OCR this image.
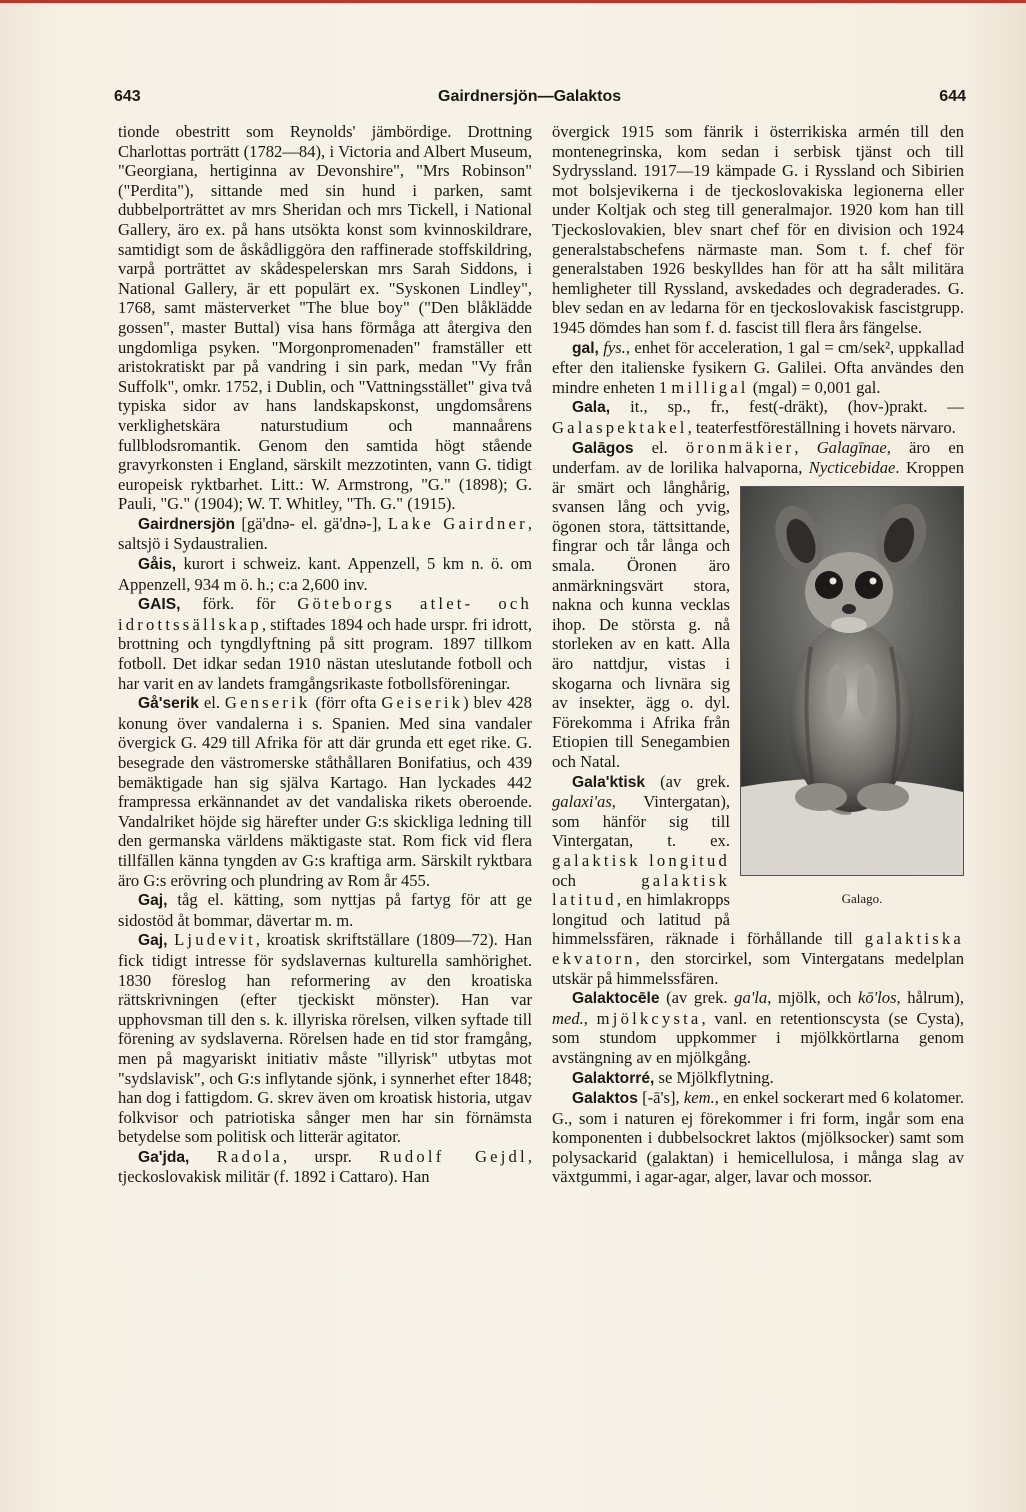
643	Gairdnersjön—Galaktos	644

tionde obestritt som Reynolds' jämbördige. Drottning Charlottas porträtt (1782—84), i Victoria and Albert Museum, "Georgiana, hertiginna av Devonshire", "Mrs Robinson" ("Perdita"), sittande med sin hund i parken, samt dubbelporträttet av mrs Sheridan och mrs Tickell, i National Gallery, äro ex. på hans utsökta konst som kvinnoskildrare, samtidigt som de åskådliggöra den raffinerade stoffskildring, varpå porträttet av skådespelerskan mrs Sarah Siddons, i National Gallery, är ett populärt ex. "Syskonen Lindley", 1768, samt mästerverket "The blue boy" ("Den blåklädde gossen", master Buttal) visa hans förmåga att återgiva den ungdomliga psyken. "Morgonpromenaden" framställer ett aristokratiskt par på vandring i sin park, medan "Vy från Suffolk", omkr. 1752, i Dublin, och "Vattningsstället" giva två typiska sidor av hans landskapskonst, ungdomsårens verklighetskära naturstudium och mannaårens fullblodsromantik. Genom den samtida högt stående gravyrkonsten i England, särskilt mezzotinten, vann G. tidigt europeisk ryktbarhet. Litt.: W. Armstrong, "G." (1898); G. Pauli, "G." (1904); W. T. Whitley, "Th. G." (1915).

Gairdnersjön [gä'dnə- el. gä'dnə-], Lake Gairdner, saltsjö i Sydaustralien.

Gåis, kurort i schweiz. kant. Appenzell, 5 km n. ö. om Appenzell, 934 m ö. h.; c:a 2,600 inv.

GAIS, förk. för Göteborgs atlet- och idrottssällskap, stiftades 1894 och hade urspr. fri idrott, brottning och tyngdlyftning på sitt program. 1897 tillkom fotboll. Det idkar sedan 1910 nästan uteslutande fotboll och har varit en av landets framgångsrikaste fotbollsföreningar.

Gå'serik el. Genserik (förr ofta Geiserik) blev 428 konung över vandalerna i s. Spanien. Med sina vandaler övergick G. 429 till Afrika för att där grunda ett eget rike. G. besegrade den västromerske ståthållaren Bonifatius, och 439 bemäktigade han sig själva Kartago. Han lyckades 442 frampressa erkännandet av det vandaliska rikets oberoende. Vandalriket höjde sig härefter under G:s skickliga ledning till den germanska världens mäktigaste stat. Rom fick vid flera tillfällen känna tyngden av G:s kraftiga arm. Särskilt ryktbara äro G:s erövring och plundring av Rom år 455.

Gaj, tåg el. kätting, som nyttjas på fartyg för att ge sidostöd åt bommar, dävertar m. m.

Gaj, Ljudevit, kroatisk skriftställare (1809—72). Han fick tidigt intresse för sydslavernas kulturella samhörighet. 1830 föreslog han reformering av den kroatiska rättskrivningen (efter tjeckiskt mönster). Han var upphovsman till den s. k. illyriska rörelsen, vilken syftade till förening av sydslaverna. Rörelsen hade en tid stor framgång, men på magyariskt initiativ måste "illyrisk" utbytas mot "sydslavisk", och G:s inflytande sjönk, i synnerhet efter 1848; han dog i fattigdom. G. skrev även om kroatisk historia, utgav folkvisor och patriotiska sånger men har sin förnämsta betydelse som politisk och litterär agitator.

Ga'jda, Radola, urspr. Rudolf Gejdl, tjeckoslovakisk militär (f. 1892 i Cattaro). Han

övergick 1915 som fänrik i österrikiska armén till den montenegrinska, kom sedan i serbisk tjänst och till Sydryssland. 1917—19 kämpade G. i Ryssland och Sibirien mot bolsjevikerna i de tjeckoslovakiska legionerna eller under Koltjak och steg till generalmajor. 1920 kom han till Tjeckoslovakien, blev snart chef för en division och 1924 generalstabschefens närmaste man. Som t. f. chef för generalstaben 1926 beskylldes han för att ha sålt militära hemligheter till Ryssland, avskedades och degraderades. G. blev sedan en av ledarna för en tjeckoslovakisk fascistgrupp. 1945 dömdes han som f. d. fascist till flera års fängelse.

gal, fys., enhet för acceleration, 1 gal = cm/sek², uppkallad efter den italienske fysikern G. Galilei. Ofta användes den mindre enheten 1 milligal (mgal) = 0,001 gal.

Gala, it., sp., fr., fest(-dräkt), (hov-)prakt. — Galaspektakel, teaterfestföreställning i hovets närvaro.

Galāgos el. öronmäkier, Galagīnae, äro en underfam. av de lorilika halvaporna, Nycticebidae
Galago.
. Kroppen är smärt och långhårig, svansen lång och yvig, ögonen stora, tättsittande, fingrar och tår långa och smala. Öronen äro anmärkningsvärt stora, nakna och kunna vecklas ihop. De största g. nå storleken av en katt. Alla äro nattdjur, vistas i skogarna och livnära sig av insekter, ägg o. dyl. Förekomma i Afrika från Etiopien till Senegambien och Natal.

Gala'ktisk (av grek. galaxi'as, Vintergatan), som hänför sig till Vintergatan, t. ex. galaktisk longitud och galaktisk latitud, en himlakropps longitud och latitud på himmelssfären, räknade i förhållande till galaktiska ekvatorn, den storcirkel, som Vintergatans medelplan utskär på himmelssfären.

Galaktocēle (av grek. ga'la, mjölk, och kō'los, hålrum), med., mjölkcysta, vanl. en retentionscysta (se Cysta), som stundom uppkommer i mjölkkörtlarna genom avstängning av en mjölkgång.

Galaktorré, se Mjölkflytning.

Galaktos [-ā's], kem., en enkel sockerart med 6 kolatomer. G., som i naturen ej förekommer i fri form, ingår som ena komponenten i dubbelsockret laktos (mjölksocker) samt som polysackarid (galaktan) i hemicellulosa, i många slag av växtgummi, i agar-agar, alger, lavar och mossor.
